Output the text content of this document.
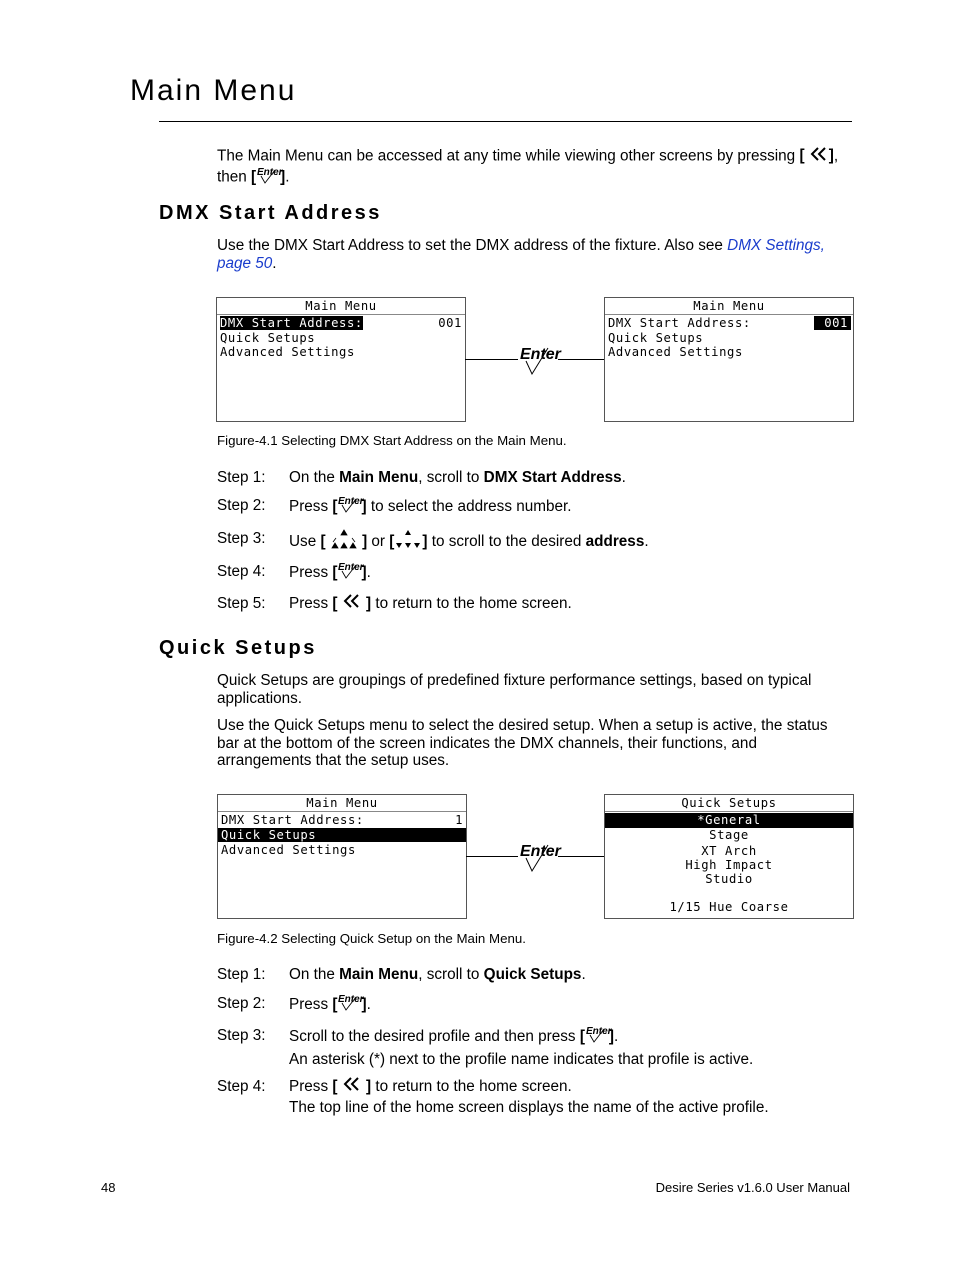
Main Menu
The Main Menu can be accessed at any time while viewing other screens by pressing [ ],
then [ Enter
].
DMX Start Address
Use the DMX Start Address to set the DMX address of the fixture. Also see DMX Settings, page 50.
Main Menu
DMX Start Address:	001
Quick Setups
Advanced Settings	Enter
Main Menu
DMX Start Address:	001
Quick Setups
Advanced Settings
Figure-4.1 Selecting DMX Start Address on the Main Menu.
Step 1: On the Main Menu, scroll to DMX Start Address.
Step 2: Press [ Enter
] to select the address number.
Step 3: Use [ ] or [ ] to scroll to the desired address.
Step 4: Press [ Enter
].
Step 5: Press [ ] to return to the home screen.
Quick Setups
Quick Setups are groupings of predefined fixture performance settings, based on typical applications.
Use the Quick Setups menu to select the desired setup. When a setup is active, the status bar at the bottom of the screen indicates the DMX channels, their functions, and arrangements that the setup uses.
Main Menu
DMX Start Address:	1
Quick Setups
Advanced Settings	Enter
Quick Setups
*General
Stage
XT Arch
High Impact
Studio
1/15 Hue Coarse
Figure-4.2 Selecting Quick Setup on the Main Menu.
Step 1: On the Main Menu, scroll to Quick Setups.
Step 2: Press [ Enter
].
Step 3: Scroll to the desired profile and then press [ Enter
].
An asterisk (*) next to the profile name indicates that profile is active.
Step 4: Press [ ] to return to the home screen.
The top line of the home screen displays the name of the active profile.
48	Desire Series v1.6.0 User Manual
